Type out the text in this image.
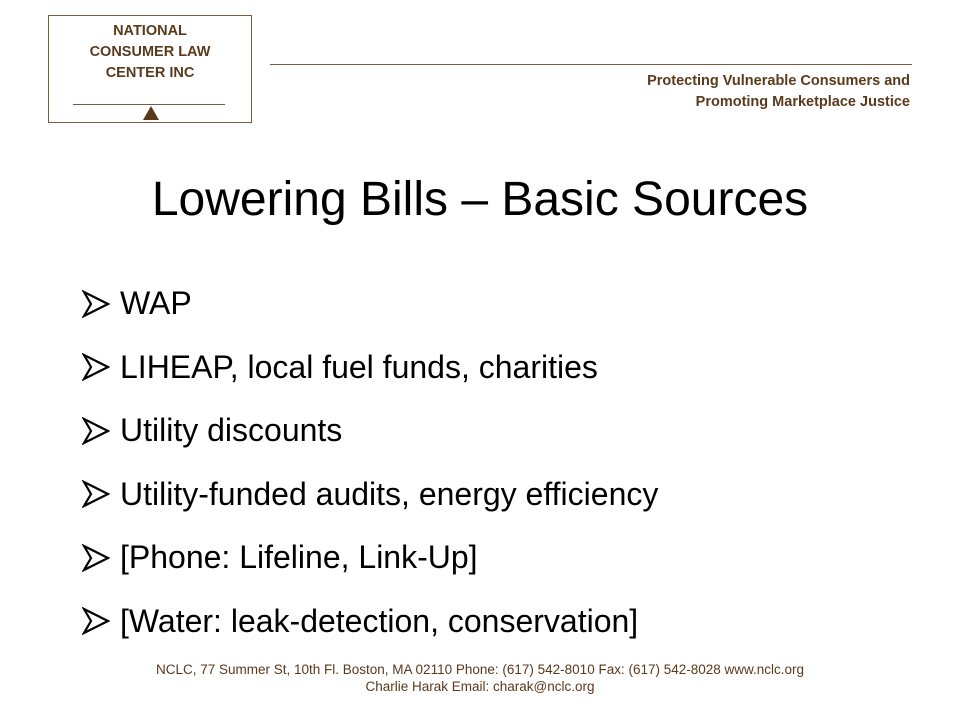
NATIONAL
CONSUMER LAW
CENTER INC	Protecting Vulnerable Consumers and
Promoting Marketplace Justice
Lowering Bills – Basic Sources
WAP
LIHEAP, local fuel funds, charities
Utility discounts
Utility-funded audits, energy efficiency
[Phone: Lifeline, Link-Up]
[Water: leak-detection, conservation]
NCLC, 77 Summer St, 10th Fl. Boston, MA 02110 Phone: (617) 542-8010 Fax: (617) 542-8028 www.nclc.org
Charlie Harak Email: charak@nclc.org
